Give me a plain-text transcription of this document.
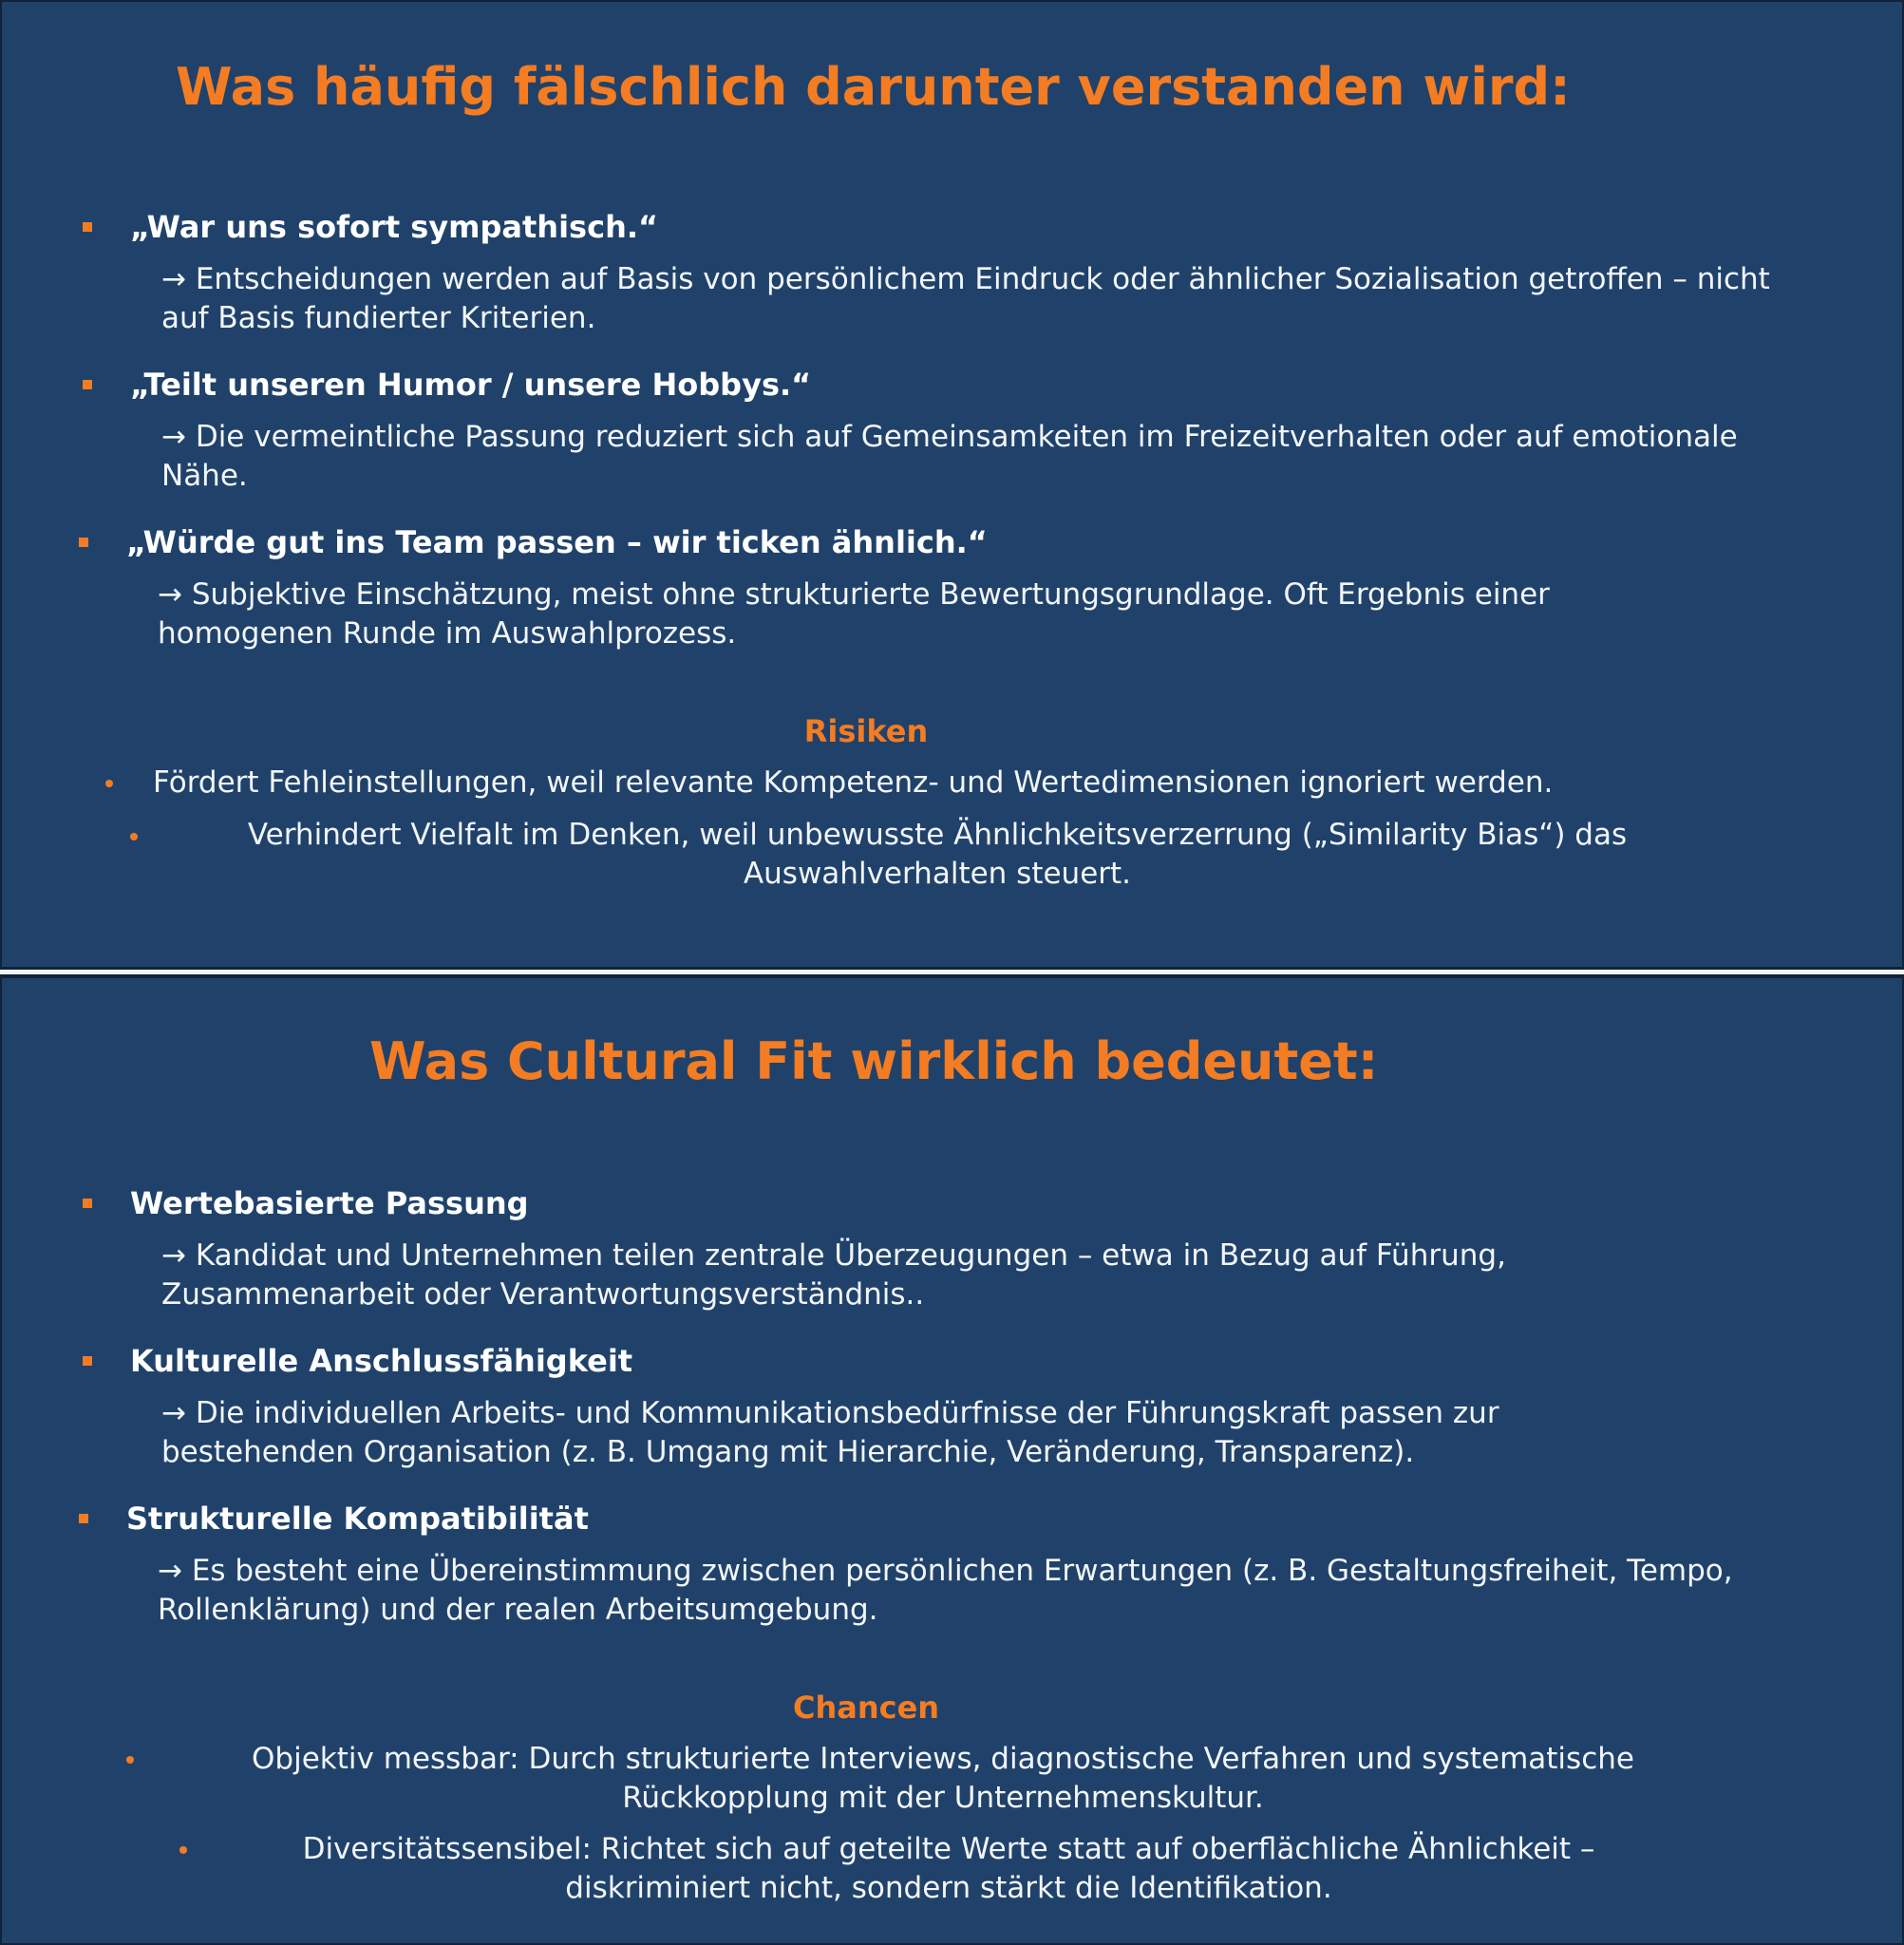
Was häufig fälschlich darunter verstanden wird:
„War uns sofort sympathisch.“
→ Entscheidungen werden auf Basis von persönlichem Eindruck oder ähnlicher Sozialisation getroffen – nicht auf Basis fundierter Kriterien.
„Teilt unseren Humor / unsere Hobbys.“
→ Die vermeintliche Passung reduziert sich auf Gemeinsamkeiten im Freizeitverhalten oder auf emotionale Nähe.
„Würde gut ins Team passen – wir ticken ähnlich.“
→ Subjektive Einschätzung, meist ohne strukturierte Bewertungsgrundlage. Oft Ergebnis einer homogenen Runde im Auswahlprozess.
Risiken
Fördert Fehleinstellungen, weil relevante Kompetenz- und Wertedimensionen ignoriert werden.
Verhindert Vielfalt im Denken, weil unbewusste Ähnlichkeitsverzerrung („Similarity Bias“) das Auswahlverhalten steuert.
Was Cultural Fit wirklich bedeutet:
Wertebasierte Passung
→ Kandidat und Unternehmen teilen zentrale Überzeugungen – etwa in Bezug auf Führung, Zusammenarbeit oder Verantwortungsverständnis..
Kulturelle Anschlussfähigkeit
→ Die individuellen Arbeits- und Kommunikationsbedürfnisse der Führungskraft passen zur bestehenden Organisation (z. B. Umgang mit Hierarchie, Veränderung, Transparenz).
Strukturelle Kompatibilität
→ Es besteht eine Übereinstimmung zwischen persönlichen Erwartungen (z. B. Gestaltungsfreiheit, Tempo, Rollenklärung) und der realen Arbeitsumgebung.
Chancen
Objektiv messbar: Durch strukturierte Interviews, diagnostische Verfahren und systematische Rückkopplung mit der Unternehmenskultur.
Diversitätssensibel: Richtet sich auf geteilte Werte statt auf oberflächliche Ähnlichkeit – diskriminiert nicht, sondern stärkt die Identifikation.
